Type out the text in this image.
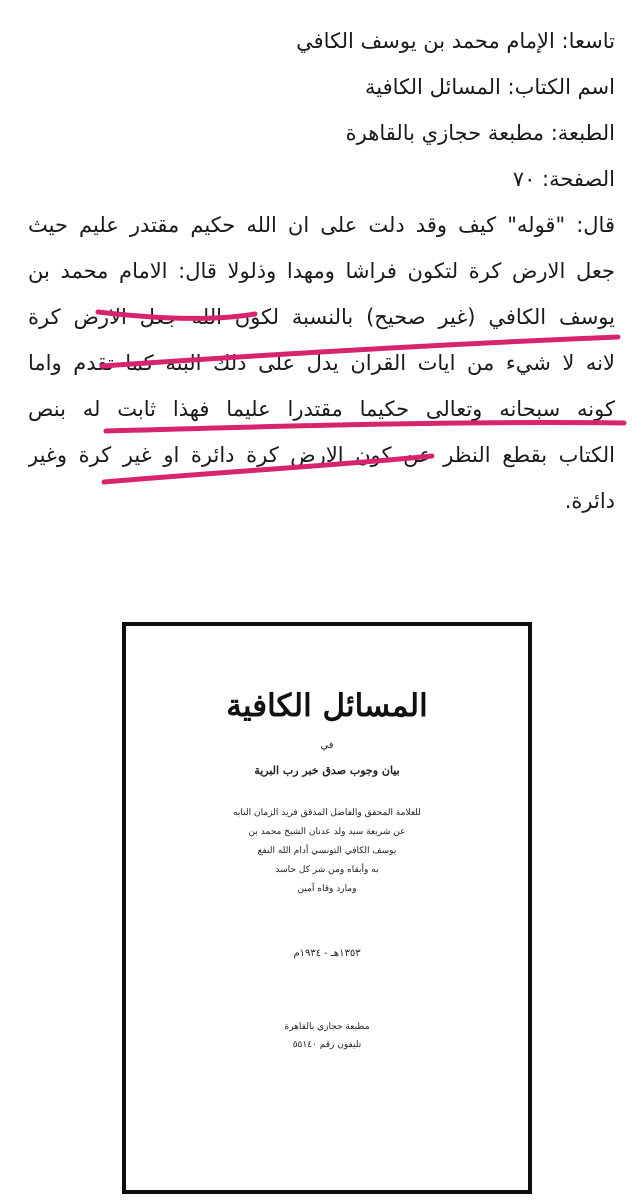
تاسعا: الإمام محمد بن يوسف الكافي
اسم الكتاب: المسائل الكافية
الطبعة: مطبعة حجازي بالقاهرة
الصفحة: ٧٠
قال: "قوله" كيف وقد دلت على ان الله حكيم مقتدر عليم حيث
جعل الارض كرة لتكون فراشا ومهدا وذلولا قال: الامام محمد بن
يوسف الكافي (غير صحيح) بالنسبة لكون الله جعل الارض كرة
لانه لا شيء من ايات القران يدل على ذلك البتة كما تقدم واما
كونه سبحانه وتعالى حكيما مقتدرا عليما فهذا ثابت له بنص
الكتاب بقطع النظر عن كون الارض كرة دائرة او غير كرة وغير
دائرة.
المسائل الكافية
في
بيان وجوب صدق خبر رب البرية
للعلامة المحقق والفاضل المدقق فريد الزمان النابه
عن شريعة سيد ولد عدنان الشيخ محمد بن
يوسف الكافي التونسي أدام الله النفع
به وأبقاه ومن شر كل حاسد
ومارد وقاه آمين
١٣٥٣هـ - ١٩٣٤م
مطبعة حجازي بالقاهرة
تليفون رقم ٥٥١٤٠
